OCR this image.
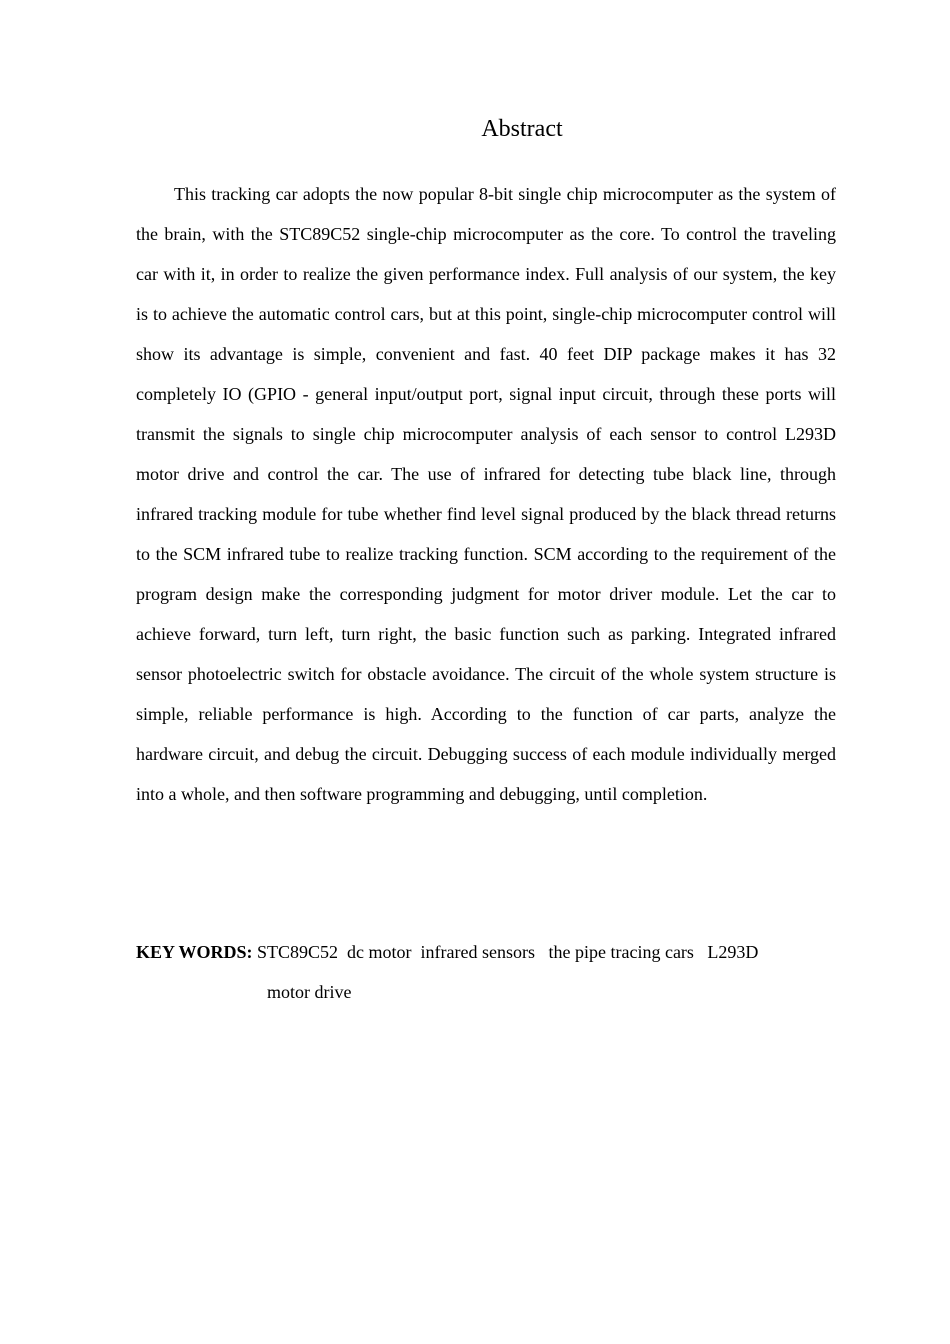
Abstract

This tracking car adopts the now popular 8-bit single chip microcomputer as the system of the brain, with the STC89C52 single-chip microcomputer as the core. To control the traveling car with it, in order to realize the given performance index. Full analysis of our system, the key is to achieve the automatic control cars, but at this point, single-chip microcomputer control will show its advantage is simple, convenient and fast. 40 feet DIP package makes it has 32 completely IO (GPIO - general input/output port, signal input circuit, through these ports will transmit the signals to single chip microcomputer analysis of each sensor to control L293D motor drive and control the car. The use of infrared for detecting tube black line, through infrared tracking module for tube whether find level signal produced by the black thread returns to the SCM infrared tube to realize tracking function. SCM according to the requirement of the program design make the corresponding judgment for motor driver module. Let the car to achieve forward, turn left, turn right, the basic function such as parking. Integrated infrared sensor photoelectric switch for obstacle avoidance. The circuit of the whole system structure is simple, reliable performance is high. According to the function of car parts, analyze the hardware circuit, and debug the circuit. Debugging success of each module individually merged into a whole, and then software programming and debugging, until completion.

KEY WORDS: STC89C52  dc motor  infrared sensors   the pipe tracing cars   L293D
motor drive
